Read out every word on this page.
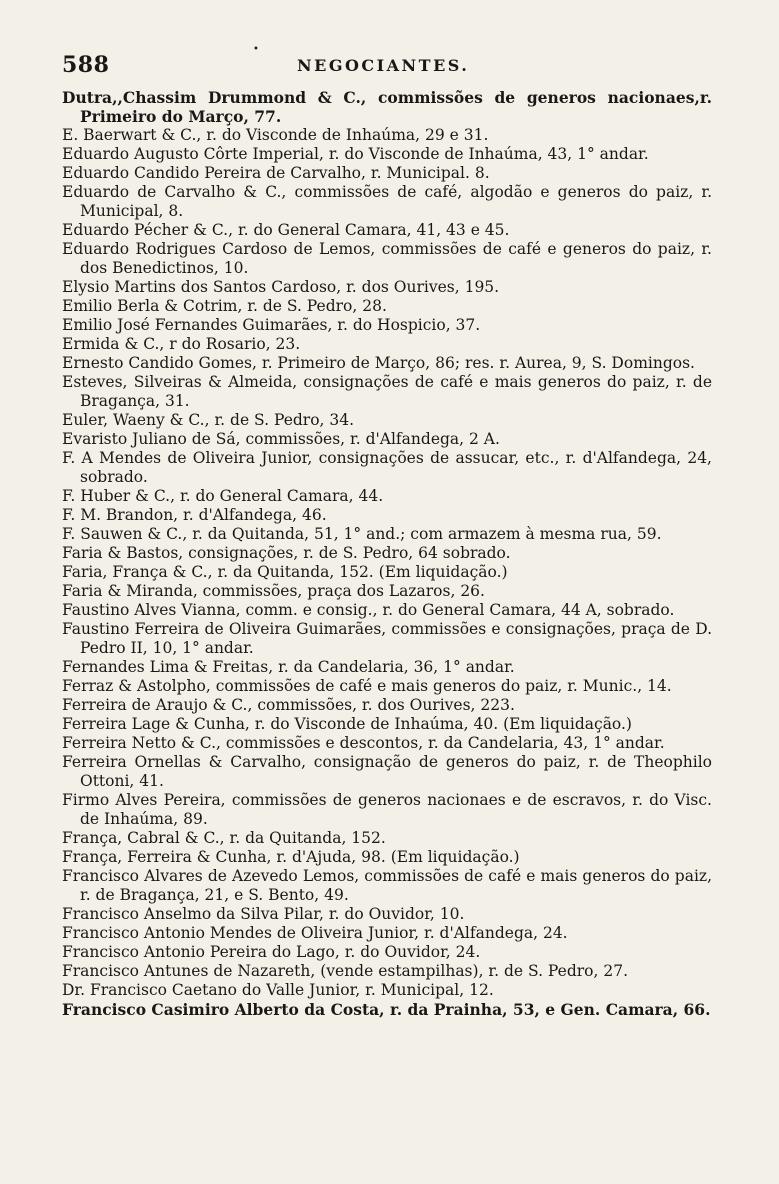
588
•
NEGOCIANTES.

Dutra,,Chassim Drummond & C., commissões de generos nacionaes,r. Primeiro do Março, 77.

E. Baerwart & C., r. do Visconde de Inhaúma, 29 e 31.

Eduardo Augusto Côrte Imperial, r. do Visconde de Inhaúma, 43, 1° andar.

Eduardo Candido Pereira de Carvalho, r. Municipal. 8.

Eduardo de Carvalho & C., commissões de café, algodão e generos do paiz, r. Municipal, 8.

Eduardo Pécher & C., r. do General Camara, 41, 43 e 45.

Eduardo Rodrigues Cardoso de Lemos, commissões de café e generos do paiz, r. dos Benedictinos, 10.

Elysio Martins dos Santos Cardoso, r. dos Ourives, 195.

Emilio Berla & Cotrim, r. de S. Pedro, 28.

Emilio José Fernandes Guimarães, r. do Hospicio, 37.

Ermida & C., r do Rosario, 23.

Ernesto Candido Gomes, r. Primeiro de Março, 86; res. r. Aurea, 9, S. Domingos.

Esteves, Silveiras & Almeida, consignações de café e mais generos do paiz, r. de Bragança, 31.

Euler, Waeny & C., r. de S. Pedro, 34.

Evaristo Juliano de Sá, commissões, r. d'Alfandega, 2 A.

F. A Mendes de Oliveira Junior, consignações de assucar, etc., r. d'Alfandega, 24, sobrado.

F. Huber & C., r. do General Camara, 44.

F. M. Brandon, r. d'Alfandega, 46.

F. Sauwen & C., r. da Quitanda, 51, 1° and.; com armazem à mesma rua, 59.

Faria & Bastos, consignações, r. de S. Pedro, 64 sobrado.

Faria, França & C., r. da Quitanda, 152. (Em liquidação.)

Faria & Miranda, commissões, praça dos Lazaros, 26.

Faustino Alves Vianna, comm. e consig., r. do General Camara, 44 A, sobrado.

Faustino Ferreira de Oliveira Guimarães, commissões e consignações, praça de D. Pedro II, 10, 1° andar.

Fernandes Lima & Freitas, r. da Candelaria, 36, 1° andar.

Ferraz & Astolpho, commissões de café e mais generos do paiz, r. Munic., 14.

Ferreira de Araujo & C., commissões, r. dos Ourives, 223.

Ferreira Lage & Cunha, r. do Visconde de Inhaúma, 40. (Em liquidação.)

Ferreira Netto & C., commissões e descontos, r. da Candelaria, 43, 1° andar.

Ferreira Ornellas & Carvalho, consignação de generos do paiz, r. de Theophilo Ottoni, 41.

Firmo Alves Pereira, commissões de generos nacionaes e de escravos, r. do Visc. de Inhaúma, 89.

França, Cabral & C., r. da Quitanda, 152.

França, Ferreira & Cunha, r. d'Ajuda, 98. (Em liquidação.)

Francisco Alvares de Azevedo Lemos, commissões de café e mais generos do paiz, r. de Bragança, 21, e S. Bento, 49.

Francisco Anselmo da Silva Pilar, r. do Ouvidor, 10.

Francisco Antonio Mendes de Oliveira Junior, r. d'Alfandega, 24.

Francisco Antonio Pereira do Lago, r. do Ouvidor, 24.

Francisco Antunes de Nazareth, (vende estampilhas), r. de S. Pedro, 27.

Dr. Francisco Caetano do Valle Junior, r. Municipal, 12.

Francisco Casimiro Alberto da Costa, r. da Prainha, 53, e Gen. Camara, 66.
